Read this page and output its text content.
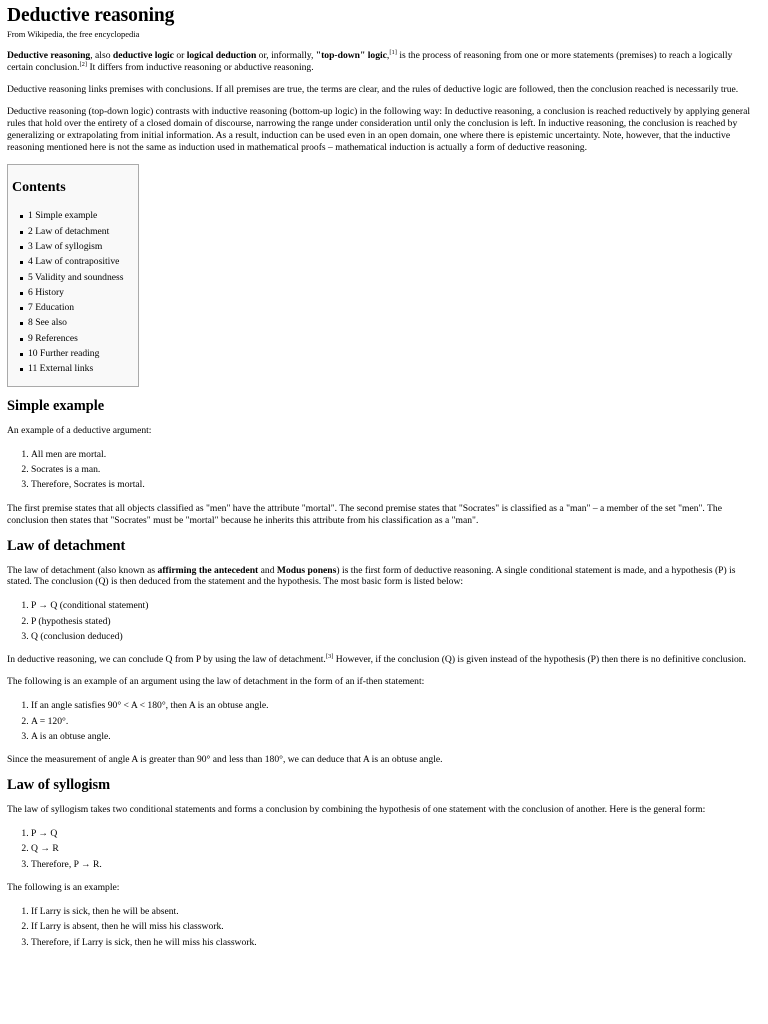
Deductive reasoning
From Wikipedia, the free encyclopedia

Deductive reasoning, also deductive logic or logical deduction or, informally, "top-down" logic,[1] is the process of reasoning from one or more statements (premises) to reach a logically certain conclusion.[2] It differs from inductive reasoning or abductive reasoning.

Deductive reasoning links premises with conclusions. If all premises are true, the terms are clear, and the rules of deductive logic are followed, then the conclusion reached is necessarily true.

Deductive reasoning (top-down logic) contrasts with inductive reasoning (bottom-up logic) in the following way: In deductive reasoning, a conclusion is reached reductively by applying general rules that hold over the entirety of a closed domain of discourse, narrowing the range under consideration until only the conclusion is left. In inductive reasoning, the conclusion is reached by generalizing or extrapolating from initial information. As a result, induction can be used even in an open domain, one where there is epistemic uncertainty. Note, however, that the inductive reasoning mentioned here is not the same as induction used in mathematical proofs – mathematical induction is actually a form of deductive reasoning.

Contents
1 Simple example
2 Law of detachment
3 Law of syllogism
4 Law of contrapositive
5 Validity and soundness
6 History
7 Education
8 See also
9 References
10 Further reading
11 External links
Simple example

An example of a deductive argument:

1. All men are mortal.
2. Socrates is a man.
3. Therefore, Socrates is mortal.

The first premise states that all objects classified as "men" have the attribute "mortal". The second premise states that "Socrates" is classified as a "man" – a member of the set "men". The conclusion then states that "Socrates" must be "mortal" because he inherits this attribute from his classification as a "man".

Law of detachment

The law of detachment (also known as affirming the antecedent and Modus ponens) is the first form of deductive reasoning. A single conditional statement is made, and a hypothesis (P) is stated. The conclusion (Q) is then deduced from the statement and the hypothesis. The most basic form is listed below:

1. P → Q (conditional statement)
2. P (hypothesis stated)
3. Q (conclusion deduced)

In deductive reasoning, we can conclude Q from P by using the law of detachment.[3] However, if the conclusion (Q) is given instead of the hypothesis (P) then there is no definitive conclusion.

The following is an example of an argument using the law of detachment in the form of an if-then statement:

1. If an angle satisfies 90° < A < 180°, then A is an obtuse angle.
2. A = 120°.
3. A is an obtuse angle.

Since the measurement of angle A is greater than 90° and less than 180°, we can deduce that A is an obtuse angle.

Law of syllogism

The law of syllogism takes two conditional statements and forms a conclusion by combining the hypothesis of one statement with the conclusion of another. Here is the general form:

1. P → Q
2. Q → R
3. Therefore, P → R.

The following is an example:

1. If Larry is sick, then he will be absent.
2. If Larry is absent, then he will miss his classwork.
3. Therefore, if Larry is sick, then he will miss his classwork.
